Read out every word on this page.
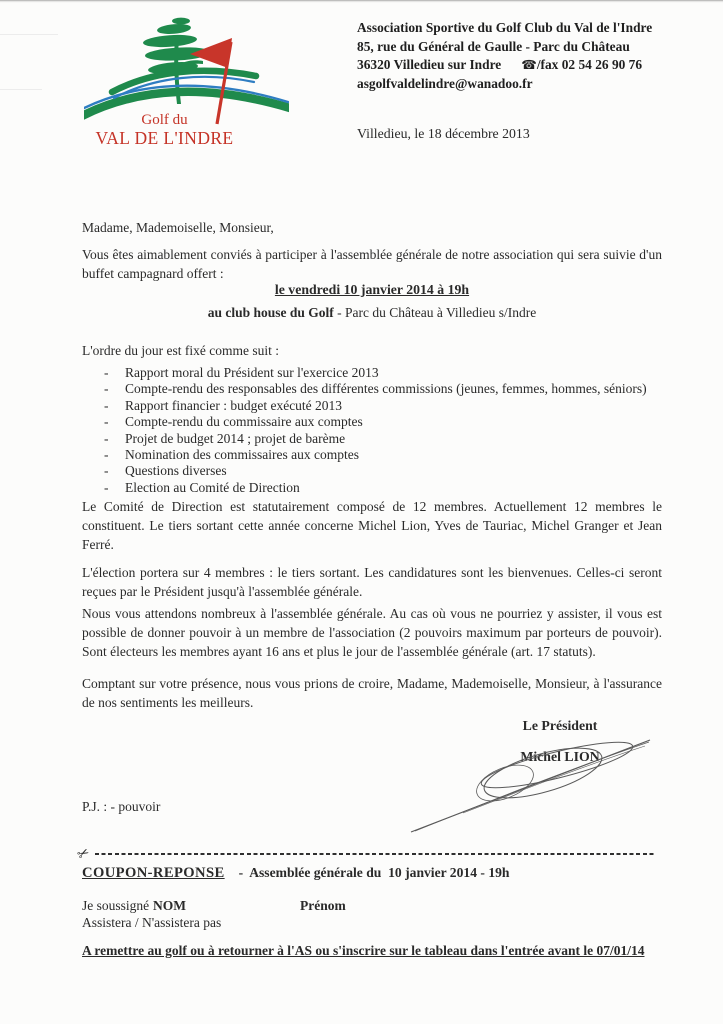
Golf du
VAL DE L'INDRE
Association Sportive du Golf Club du Val de l'Indre
85, rue du Général de Gaulle - Parc du Château
36320 Villedieu sur Indre ☎/fax 02 54 26 90 76
asgolfvaldelindre@wanadoo.fr
Villedieu, le 18 décembre 2013
Madame, Mademoiselle, Monsieur,

Vous êtes aimablement conviés à participer à l'assemblée générale de notre association qui sera suivie d'un buffet campagnard offert :

le vendredi 10 janvier 2014 à 19h
au club house du Golf - Parc du Château à Villedieu s/Indre
L'ordre du jour est fixé comme suit :
- Rapport moral du Président sur l'exercice 2013
- Compte-rendu des responsables des différentes commissions (jeunes, femmes, hommes, séniors)
- Rapport financier : budget exécuté 2013
- Compte-rendu du commissaire aux comptes
- Projet de budget 2014 ; projet de barème
- Nomination des commissaires aux comptes
- Questions diverses
- Election au Comité de Direction

Le Comité de Direction est statutairement composé de 12 membres. Actuellement 12 membres le constituent. Le tiers sortant cette année concerne Michel Lion, Yves de Tauriac, Michel Granger et Jean Ferré.

L'élection portera sur 4 membres : le tiers sortant. Les candidatures sont les bienvenues. Celles-ci seront reçues par le Président jusqu'à l'assemblée générale.

Nous vous attendons nombreux à l'assemblée générale. Au cas où vous ne pourriez y assister, il vous est possible de donner pouvoir à un membre de l'association (2 pouvoirs maximum par porteurs de pouvoir). Sont électeurs les membres ayant 16 ans et plus le jour de l'assemblée générale (art. 17 statuts).

Comptant sur votre présence, nous vous prions de croire, Madame, Mademoiselle, Monsieur, à l'assurance de nos sentiments les meilleurs.

Le Président
Michel LION
P.J. : - pouvoir
✂
COUPON-REPONSE -  Assemblée générale du  10 janvier 2014 - 19h
Je soussigné NOM	Prénom
Assistera / N'assistera pas
A remettre au golf ou à retourner à l'AS ou s'inscrire sur le tableau dans l'entrée avant le 07/01/14
